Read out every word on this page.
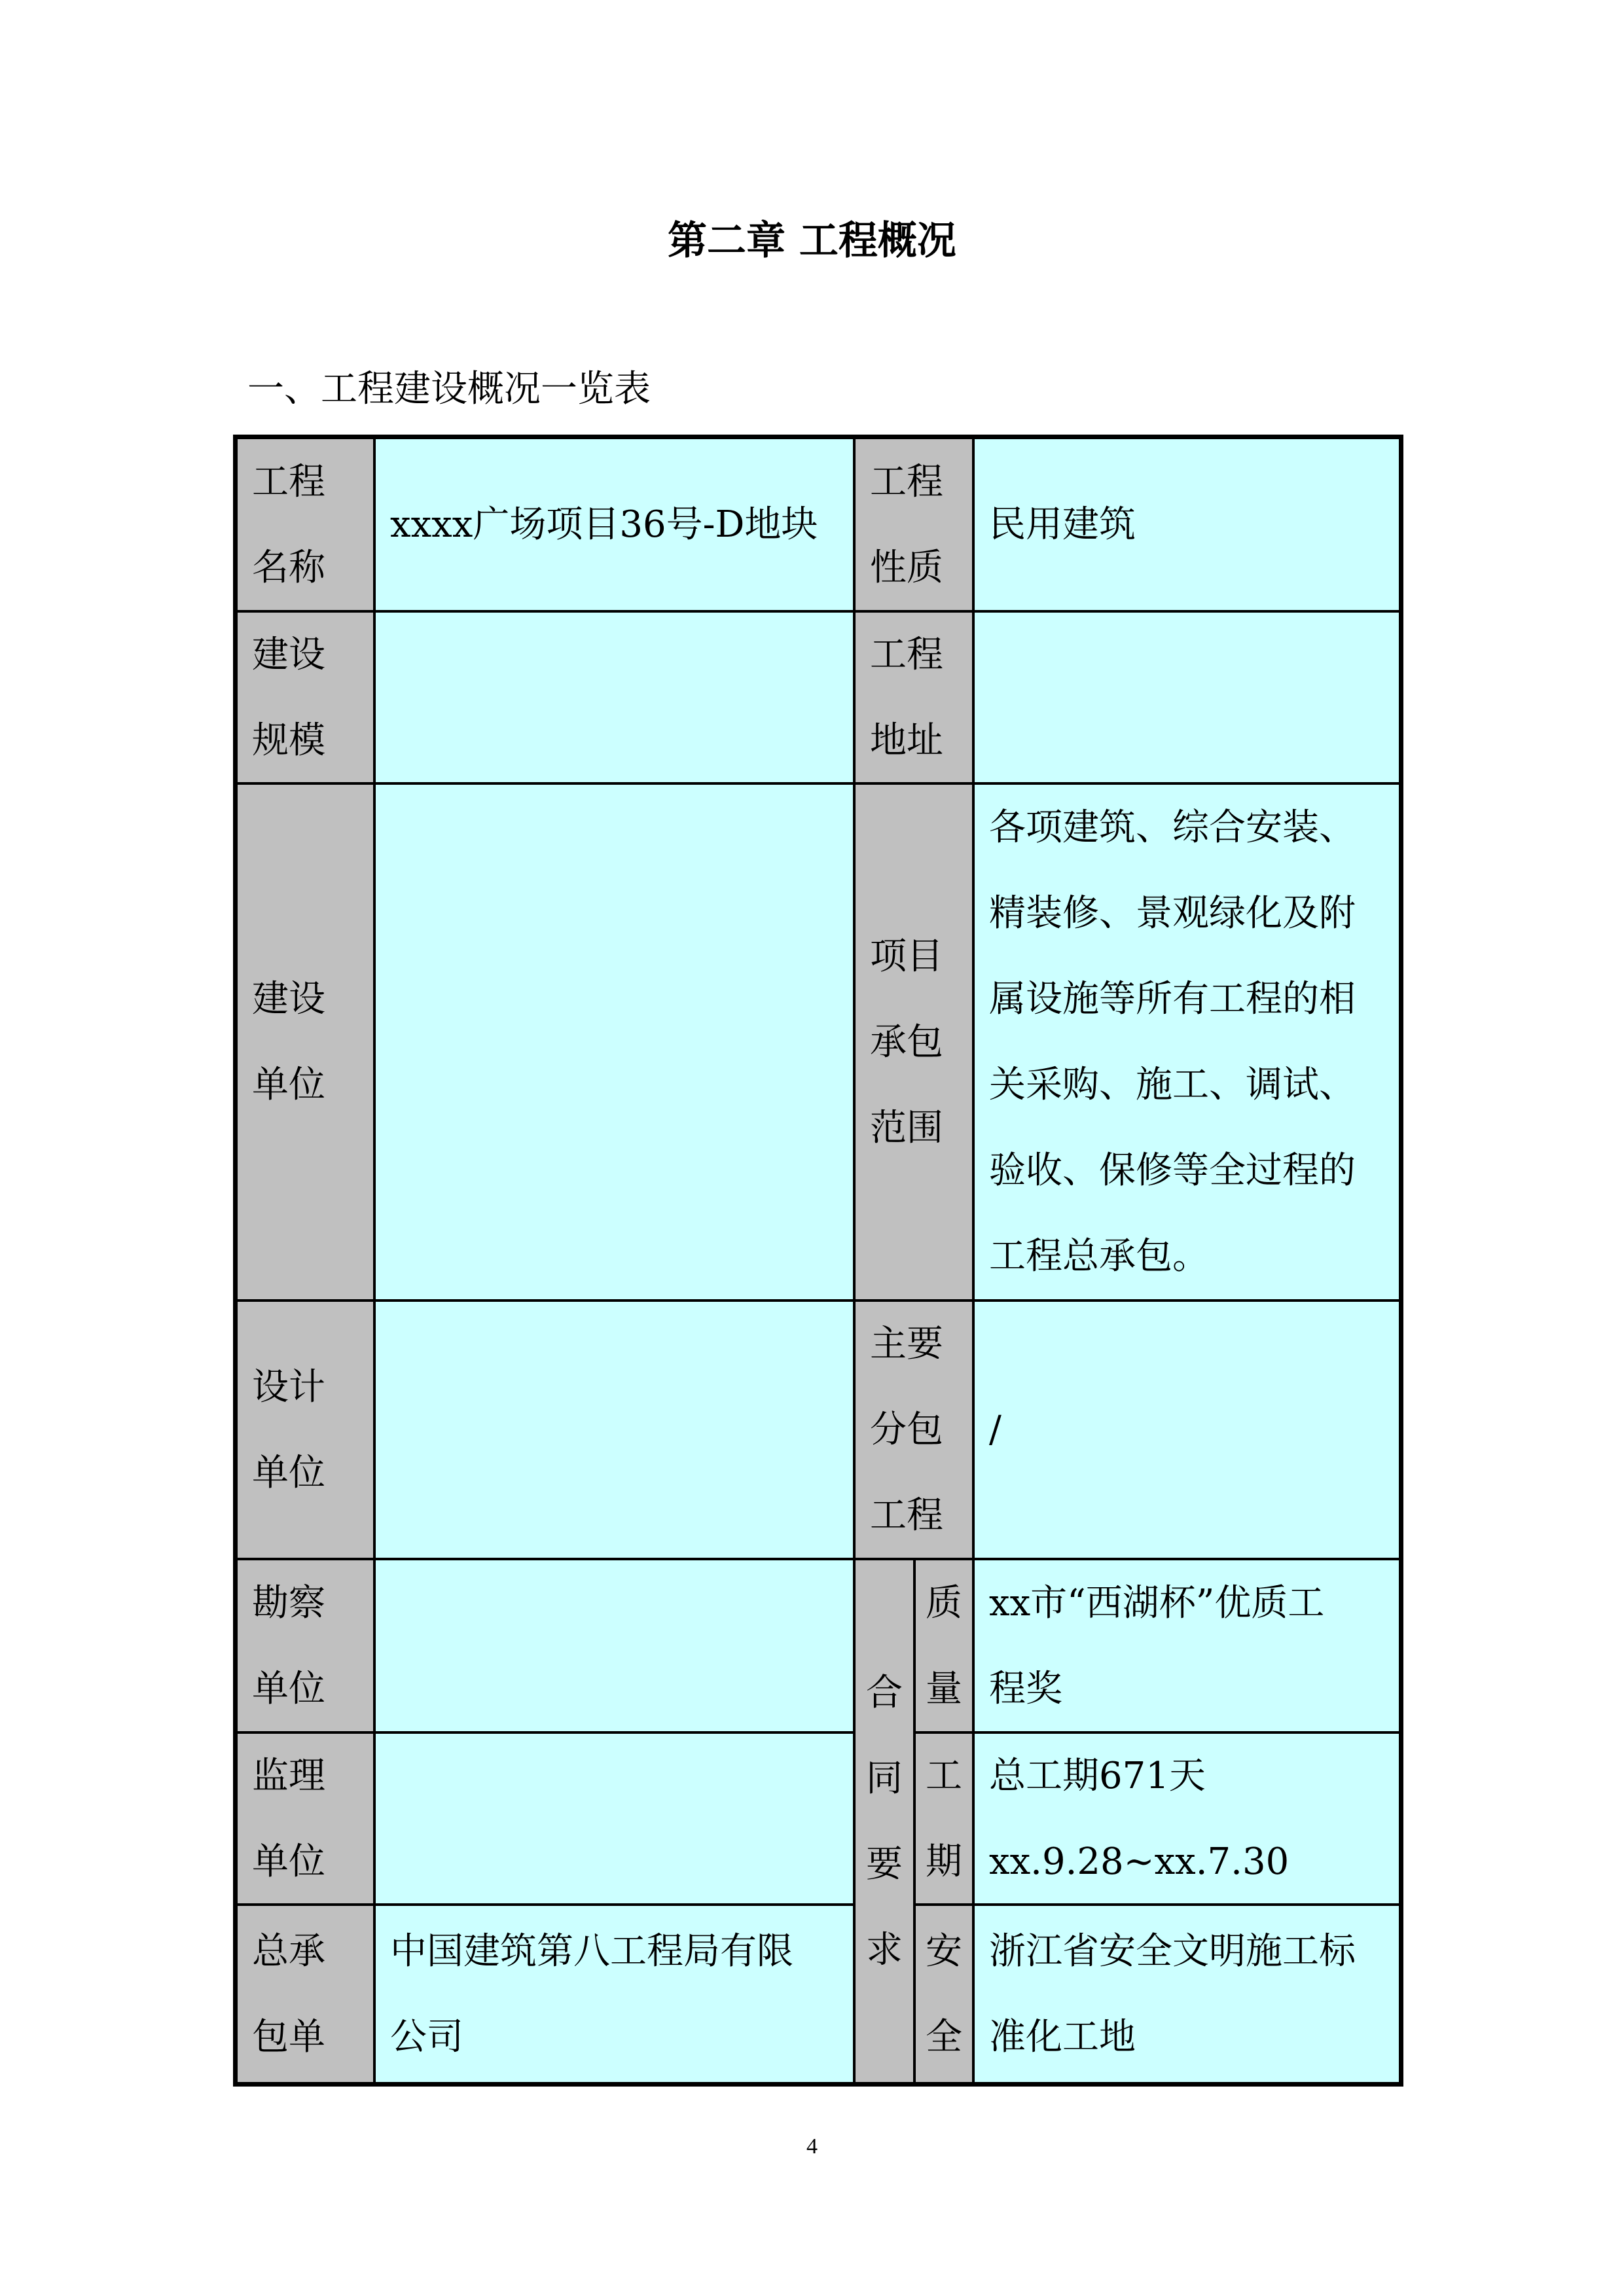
第二章 工程概况
一、工程建设概况一览表
工程
名称
xxxx广场项目36号-D地块
工程
性质
民用建筑
建设
规模
工程
地址
建设
单位
项目
承包
范围
各项建筑、综合安装、
精装修、景观绿化及附
属设施等所有工程的相
关采购、施工、调试、
验收、保修等全过程的
工程总承包。
设计
单位
主要
分包
工程
/
勘察
单位
监理
单位
总承
包单
中国建筑第八工程局有限
公司
合
同
要
求
质
量
xx市“西湖杯”优质工
程奖
工
期
总工期671天
xx.9.28~xx.7.30
安
全
浙江省安全文明施工标
准化工地
4
